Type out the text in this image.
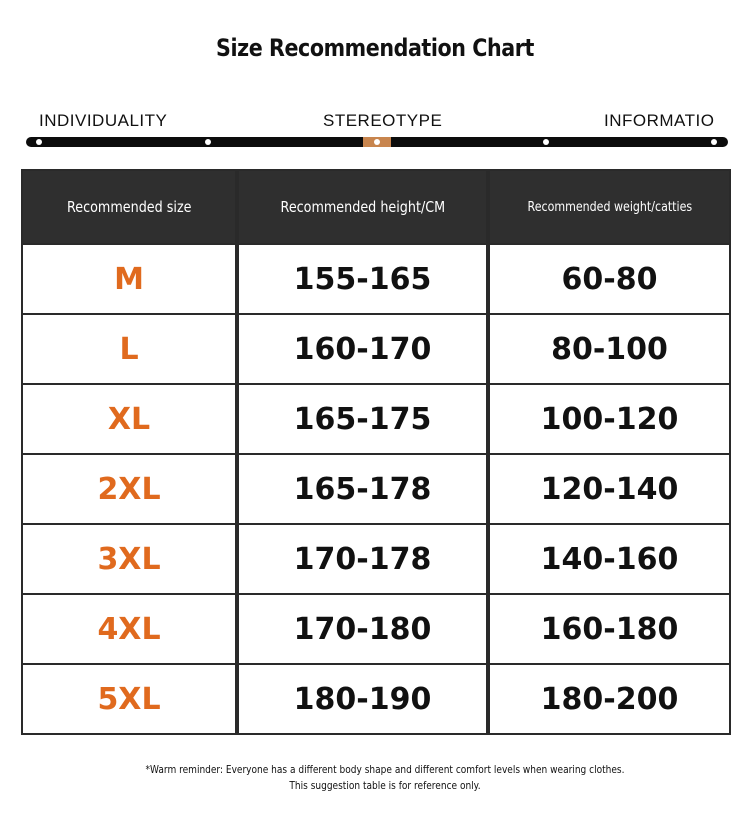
Size Recommendation Chart
INDIVIDUALITY	STEREOTYPE	INFORMATIO
Recommended size	Recommended height/CM	Recommended weight/catties
M	155-165	60-80
L	160-170	80-100
XL	165-175	100-120
2XL	165-178	120-140
3XL	170-178	140-160
4XL	170-180	160-180
5XL	180-190	180-200
*Warm reminder: Everyone has a different body shape and different comfort levels when wearing clothes. This suggestion table is for reference only.
